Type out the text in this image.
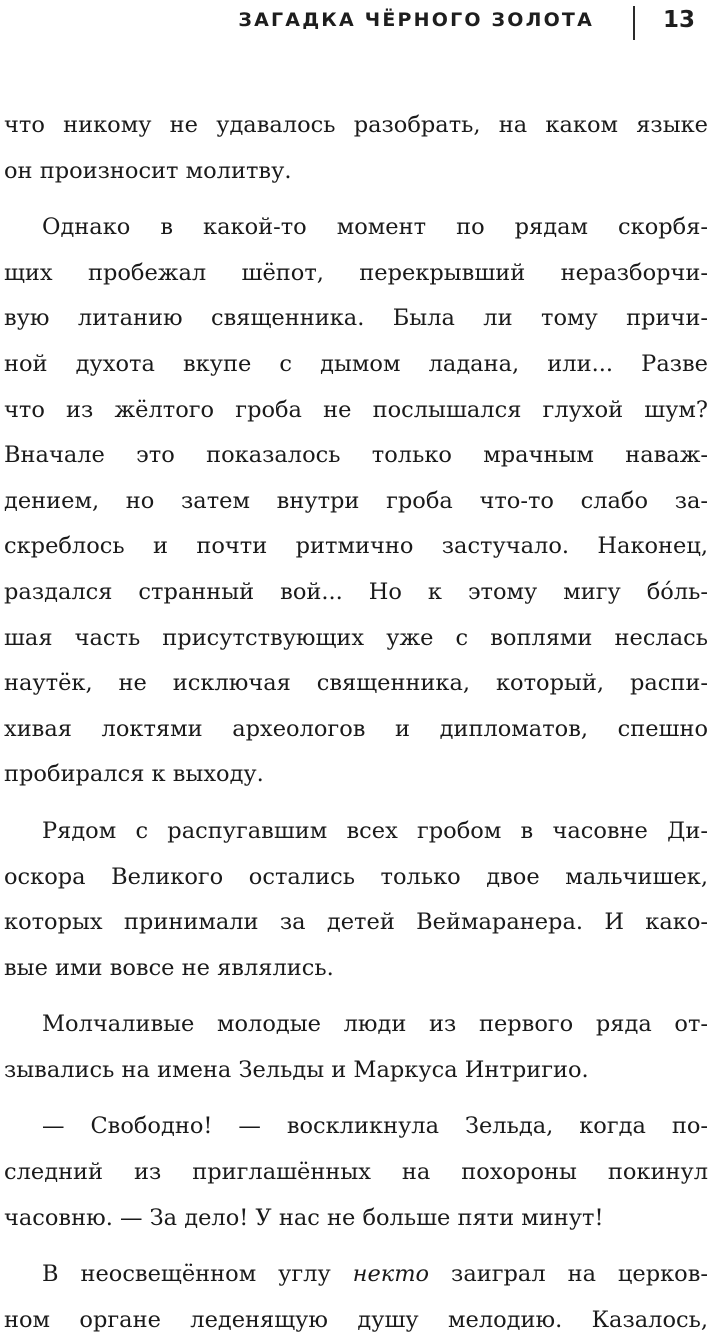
ЗАГАДКА ЧЁРНОГО ЗОЛОТА	13
что никому не удавалось разобрать, на каком языке
он произносит молитву.
Однако в какой-то момент по рядам скорбя-
щих пробежал шёпот, перекрывший неразборчи-
вую литанию священника. Была ли тому причи-
ной духота вкупе с дымом ладана, или... Разве
что из жёлтого гроба не послышался глухой шум?
Вначале это показалось только мрачным наваж-
дением, но затем внутри гроба что-то слабо за-
скреблось и почти ритмично застучало. Наконец,
раздался странный вой... Но к этому мигу бо́ль-
шая часть присутствующих уже с воплями неслась
наутёк, не исключая священника, который, распи-
хивая локтями археологов и дипломатов, спешно
пробирался к выходу.
Рядом с распугавшим всех гробом в часовне Ди-
оскора Великого остались только двое мальчишек,
которых принимали за детей Веймаранера. И како-
вые ими вовсе не являлись.
Молчаливые молодые люди из первого ряда от-
зывались на имена Зельды и Маркуса Интригио.
— Свободно! — воскликнула Зельда, когда по-
следний из приглашённых на похороны покинул
часовню. — За дело! У нас не больше пяти минут!
В неосвещённом углу некто заиграл на церков-
ном органе леденящую душу мелодию. Казалось,
